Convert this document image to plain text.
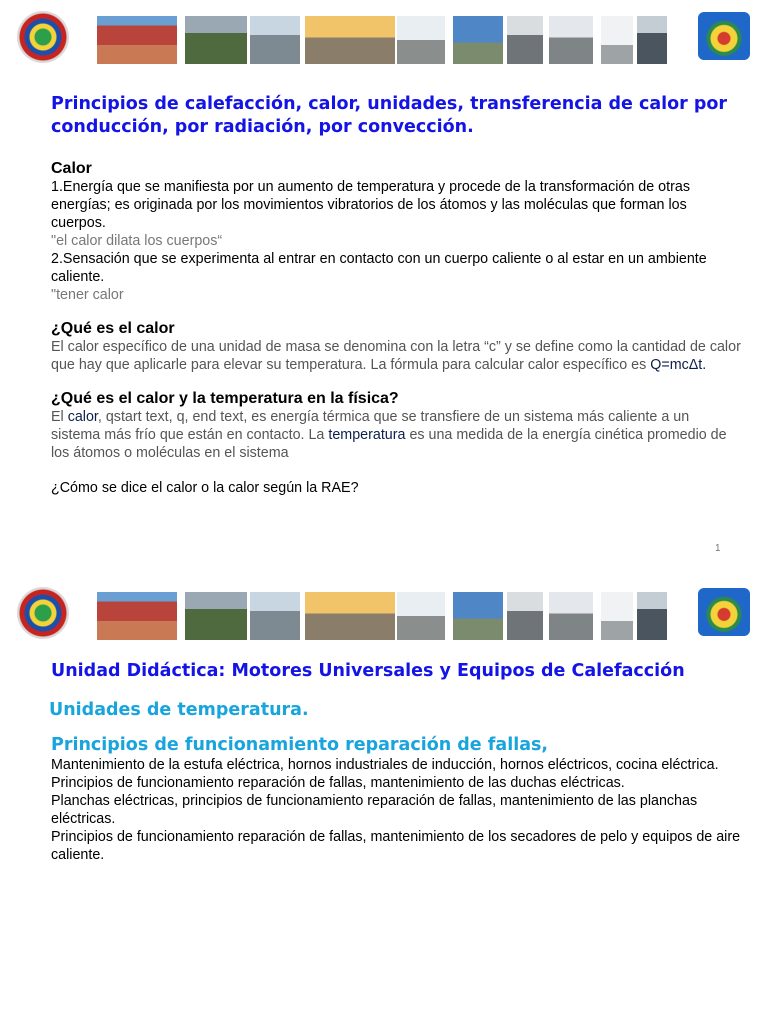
Principios de calefacción, calor, unidades, transferencia de calor por conducción, por radiación, por convección.
Calor

1.Energía que se manifiesta por un aumento de temperatura y procede de la transformación de otras energías; es originada por los movimientos vibratorios de los átomos y las moléculas que forman los cuerpos.

"el calor dilata los cuerpos“

2.Sensación que se experimenta al entrar en contacto con un cuerpo caliente o al estar en un ambiente caliente.

"tener calor

¿Qué es el calor

El calor específico de una unidad de masa se denomina con la letra “c” y se define como la cantidad de calor que hay que aplicarle para elevar su temperatura. La fórmula para calcular calor específico es Q=mcΔt.

¿Qué es el calor y la temperatura en la física?

El calor, qstart text, q, end text, es energía térmica que se transfiere de un sistema más caliente a un sistema más frío que están en contacto. La temperatura es una medida de la energía cinética promedio de los átomos o moléculas en el sistema

¿Cómo se dice el calor o la calor según la RAE?

1
Unidad Didáctica: Motores Universales y Equipos de Calefacción
Unidades de temperatura.
Principios de funcionamiento reparación de fallas,

Mantenimiento de la estufa eléctrica, hornos industriales de inducción, hornos eléctricos, cocina eléctrica.

Principios de funcionamiento reparación de fallas, mantenimiento de las duchas eléctricas.

Planchas eléctricas, principios de funcionamiento reparación de fallas, mantenimiento de las planchas eléctricas.

Principios de funcionamiento reparación de fallas, mantenimiento de los secadores de pelo y equipos de aire caliente.
